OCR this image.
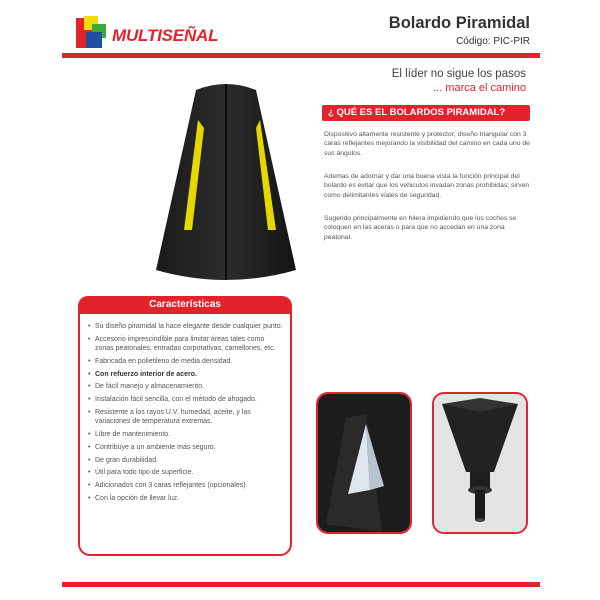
MULTISEÑAL
Bolardo Piramidal
Código: PIC-PIR
El líder no sigue los pasos
... marca el camino
¿ QUÉ ES EL BOLARDOS PIRAMIDAL?

Dispositivo altamente resistente y protector; diseño triangular con 3 caras reflejantes mejorando la visibilidad del camino en cada uno de sus ángulos.

Ademas de adornar y dar una buena vista la función principal del bolardo es evitar que los vehiculos invadan zonas prohibidas; sirven como delimitantes viales de seguridad.

Sugerido principalmente en hilera impidiendo que los coches se coloquen en las aceras o para que no accedan en una zona peatonal.

Características
• Su diseño piramidal la hace elegante desde cualquier punto.
• Accesorio imprescindible para limitar áreas tales como zonas peatonales, entradas corporativas, camellones, etc.
• Fabricada en polietileno de media densidad.
• Con refuerzo interior de acero.
• De fácil manejo y almacenamiento.
• Instalación fácil sencilla, con el método de ahogado.
• Resistente a los rayos U.V. humedad, aceite, y las variaciones de temperatura extremas.
• Libre de mantenimiento.
• Contribuye a un ambiente más seguro.
• De gran durabilidad.
• Útil para todo tipo de superficie.
• Adicionados con 3 caras reflejantes (opcionales).
• Con la opción de llevar luz.
